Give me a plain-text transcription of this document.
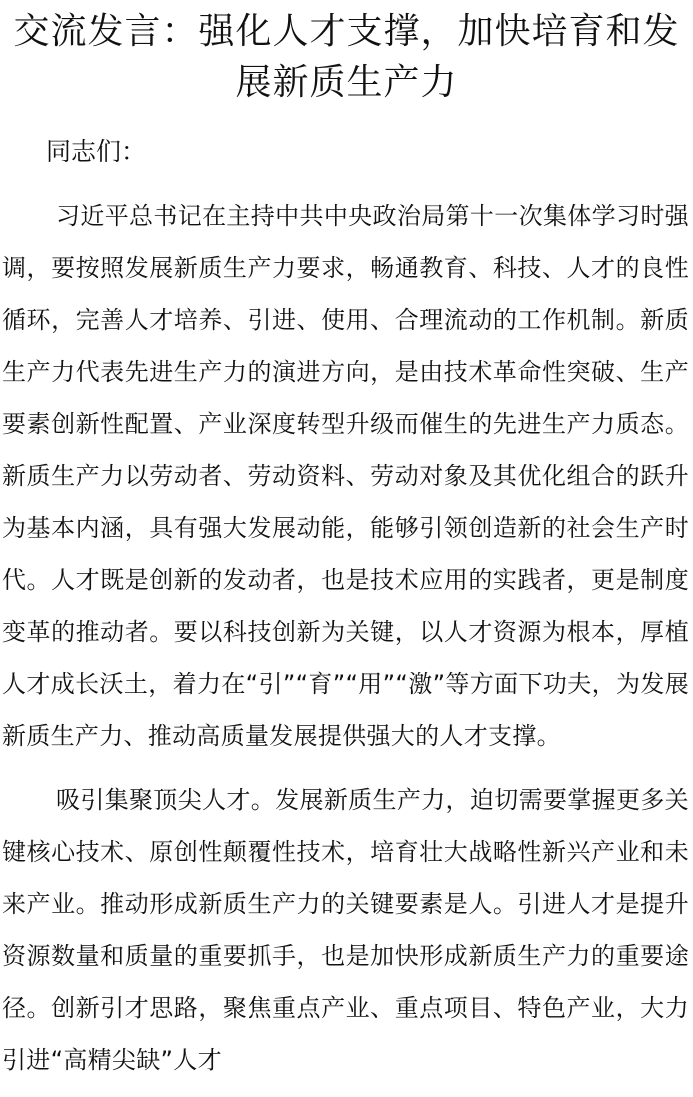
交流发言：强化人才支撑，加快培育和发展新质生产力
同志们：

习近平总书记在主持中共中央政治局第十一次集体学习时强调，要按照发展新质生产力要求，畅通教育、科技、人才的良性循环，完善人才培养、引进、使用、合理流动的工作机制。新质生产力代表先进生产力的演进方向，是由技术革命性突破、生产要素创新性配置、产业深度转型升级而催生的先进生产力质态。新质生产力以劳动者、劳动资料、劳动对象及其优化组合的跃升为基本内涵，具有强大发展动能，能够引领创造新的社会生产时代。人才既是创新的发动者，也是技术应用的实践者，更是制度变革的推动者。要以科技创新为关键，以人才资源为根本，厚植人才成长沃土，着力在“引”“育”“用”“激”等方面下功夫，为发展新质生产力、推动高质量发展提供强大的人才支撑。

吸引集聚顶尖人才。发展新质生产力，迫切需要掌握更多关键核心技术、原创性颠覆性技术，培育壮大战略性新兴产业和未来产业。推动形成新质生产力的关键要素是人。引进人才是提升资源数量和质量的重要抓手，也是加快形成新质生产力的重要途径。创新引才思路，聚焦重点产业、重点项目、特色产业，大力引进“高精尖缺”人才
